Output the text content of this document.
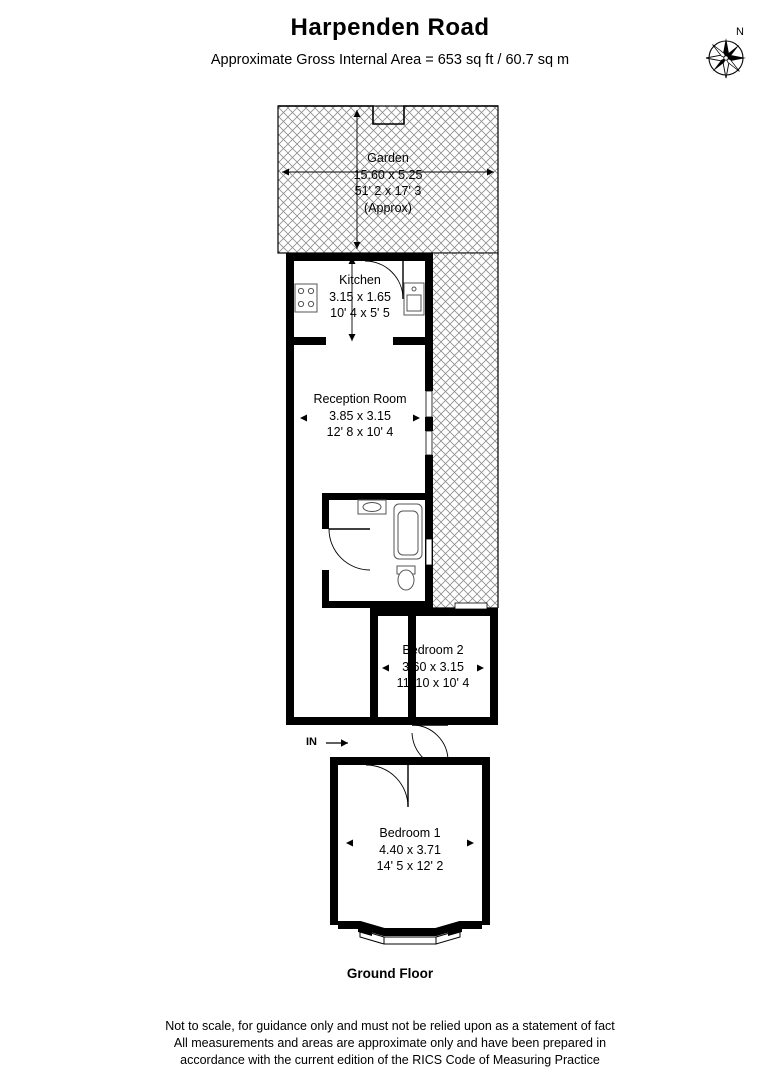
Harpenden Road
Approximate Gross Internal Area = 653 sq ft / 60.7 sq m
N
Garden
15.60 x 5.25
51' 2 x 17' 3
(Approx)
Kitchen
3.15 x 1.65
10' 4 x 5' 5
Reception Room
3.85 x 3.15
12' 8 x 10' 4
Bedroom 2
3.60 x 3.15
11' 10 x 10' 4
Bedroom 1
4.40 x 3.71
14' 5 x 12' 2
IN
Ground Floor
Not to scale, for guidance only and must not be relied upon as a statement of fact
All measurements and areas are approximate only and have been prepared in
accordance with the current edition of the RICS Code of Measuring Practice
